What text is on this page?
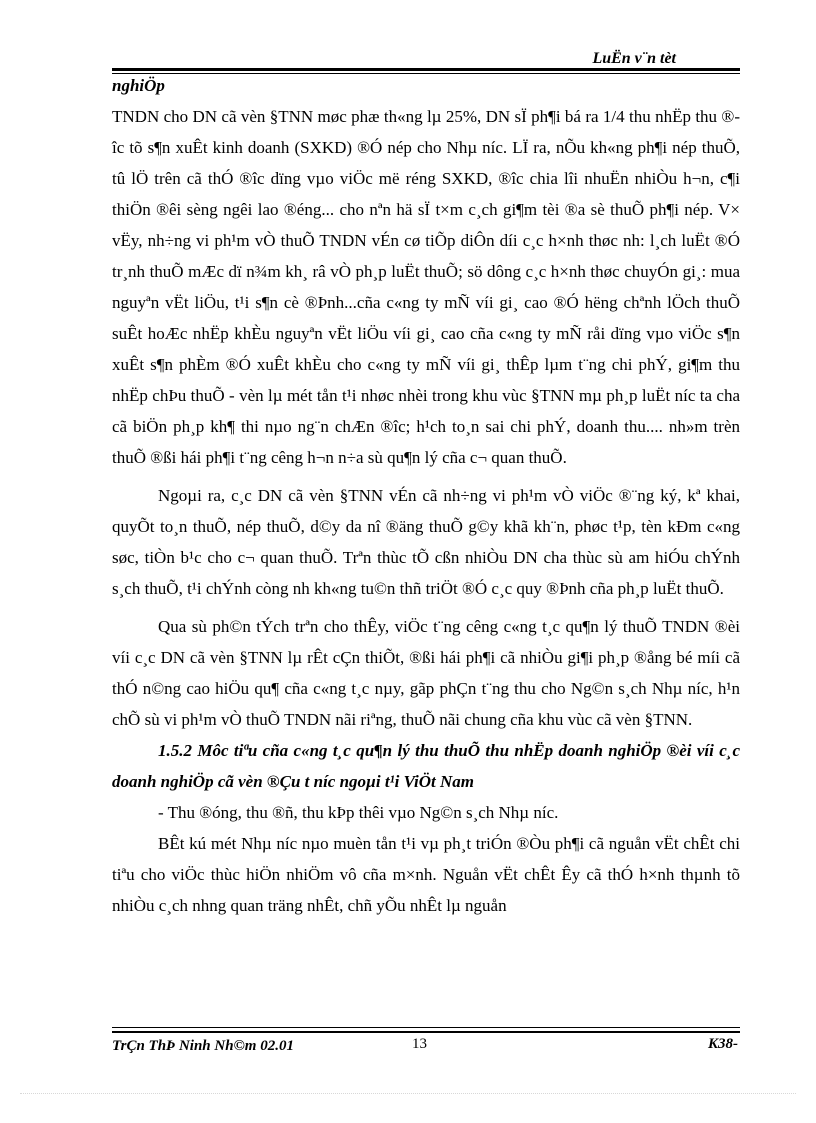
LuËn v¨n tèt

nghiÖp

TNDN cho DN cã vèn §TNN møc phæ th«ng lµ 25%, DN sÏ ph¶i bá ra 1/4 thu nhËp thu ®îc tõ s¶n xuÊt kinh doanh (SXKD) ®Ó nép cho Nhµ níc. LÏ ra, nÕu kh«ng ph¶i nép thuÕ, tû lÖ trên cã thÓ ®îc dïng vµo viÖc më réng SXKD, ®îc chia lîi nhuËn nhiÒu h¬n, c¶i thiÖn ®êi sèng ngêi lao ®éng... cho nªn hä sÏ t×m c¸ch gi¶m tèi ®a sè thuÕ ph¶i nép. V× vËy, nh÷ng vi ph¹m vÒ thuÕ TNDN vÉn cø tiÕp diÔn díi c¸c h×nh thøc nh: l¸ch luËt ®Ó tr¸nh thuÕ mÆc dï n¾m kh¸ râ vÒ ph¸p luËt thuÕ; sö dông c¸c h×nh thøc chuyÓn gi¸: mua nguyªn vËt liÖu, t¹i s¶n cè ®Þnh...cña c«ng ty mÑ víi gi¸ cao ®Ó hëng chªnh lÖch thuÕ suÊt hoÆc nhËp khÈu nguyªn vËt liÖu víi gi¸ cao cña c«ng ty mÑ råi dïng vµo viÖc s¶n xuÊt s¶n phÈm ®Ó xuÊt khÈu cho c«ng ty mÑ víi gi¸ thÊp lµm t¨ng chi phÝ, gi¶m thu nhËp chÞu thuÕ - vèn lµ mét tån t¹i nhøc nhèi trong khu vùc §TNN mµ ph¸p luËt níc ta cha cã biÖn ph¸p kh¶ thi nµo ng¨n chÆn ®îc; h¹ch to¸n sai chi phÝ, doanh thu.... nh»m trèn thuÕ ®ßi hái ph¶i t¨ng cêng h¬n n÷a sù qu¶n lý cña c¬ quan thuÕ.

Ngoµi ra, c¸c DN cã vèn §TNN vÉn cã nh÷ng vi ph¹m vÒ viÖc ®¨ng ký, kª khai, quyÕt to¸n thuÕ, nép thuÕ, d©y da nî ®äng thuÕ g©y khã kh¨n, phøc t¹p, tèn kÐm c«ng søc, tiÒn b¹c cho c¬ quan thuÕ. Trªn thùc tÕ cßn nhiÒu DN cha thùc sù am hiÓu chÝnh s¸ch thuÕ, t¹i chÝnh còng nh kh«ng tu©n thñ triÖt ®Ó c¸c quy ®Þnh cña ph¸p luËt thuÕ.

Qua sù ph©n tÝch trªn cho thÊy, viÖc t¨ng cêng c«ng t¸c qu¶n lý thuÕ TNDN ®èi víi c¸c DN cã vèn §TNN lµ rÊt cÇn thiÕt, ®ßi hái ph¶i cã nhiÒu gi¶i ph¸p ®ång bé míi cã thÓ n©ng cao hiÖu qu¶ cña c«ng t¸c nµy, gãp phÇn t¨ng thu cho Ng©n s¸ch Nhµ níc, h¹n chÕ sù vi ph¹m vÒ thuÕ TNDN nãi riªng, thuÕ nãi chung cña khu vùc cã vèn §TNN.

1.5.2 Môc tiªu cña c«ng t¸c qu¶n lý thu thuÕ thu nhËp doanh nghiÖp ®èi víi c¸c doanh nghiÖp cã vèn ®Çu t níc ngoµi t¹i ViÖt Nam

- Thu ®óng, thu ®ñ, thu kÞp thêi vµo Ng©n s¸ch Nhµ níc.

BÊt kú mét Nhµ níc nµo muèn tån t¹i vµ ph¸t triÓn ®Òu ph¶i cã nguån vËt chÊt chi tiªu cho viÖc thùc hiÖn nhiÖm vô cña m×nh. Nguån vËt chÊt Êy cã thÓ h×nh thµnh tõ nhiÒu c¸ch nhng quan träng nhÊt, chñ yÕu nhÊt lµ nguån

TrÇn ThÞ Ninh Nh©m 02.01	13	K38-
